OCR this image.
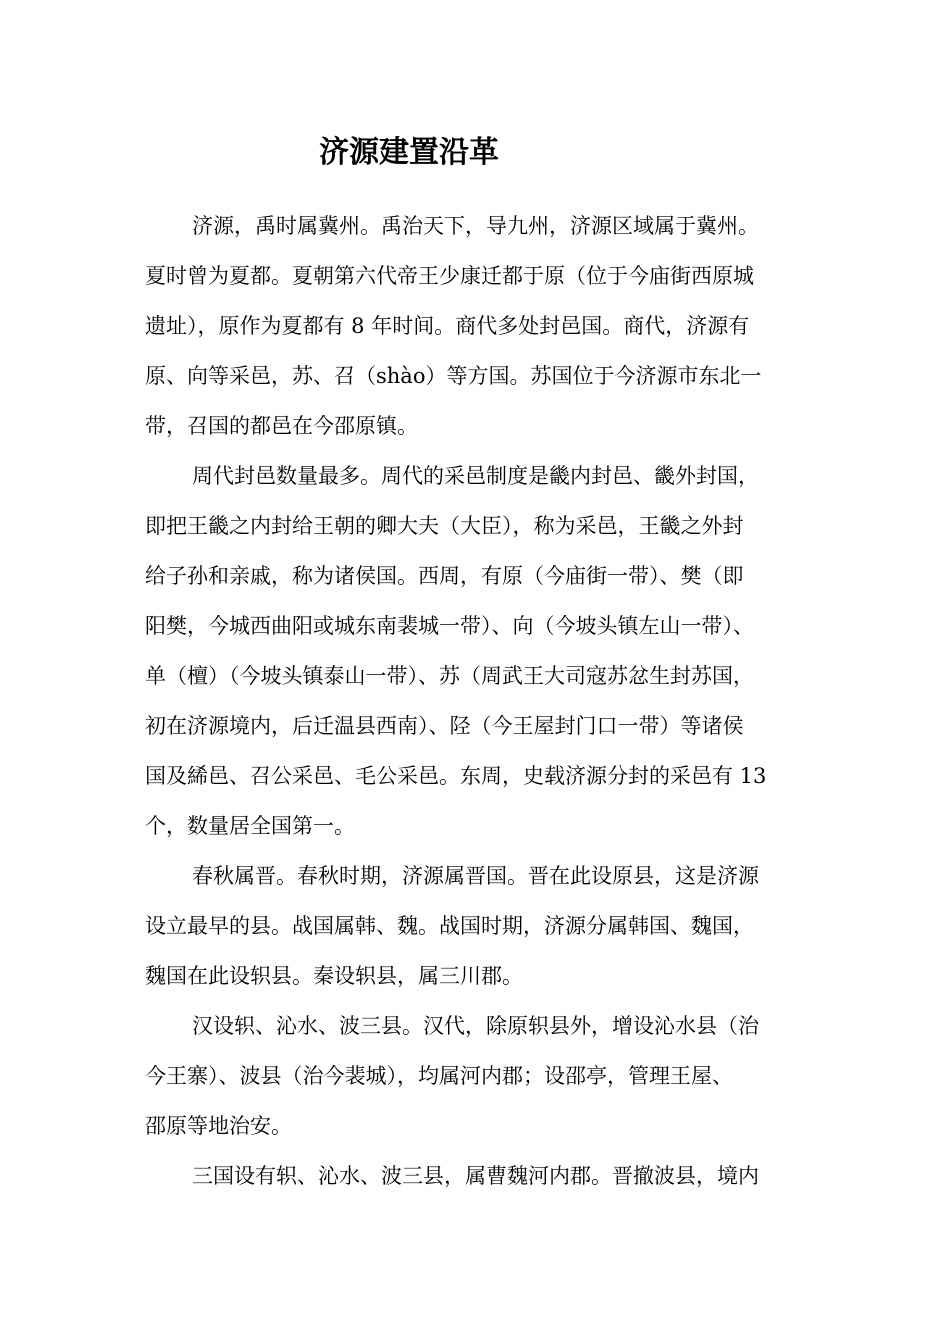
济源建置沿革
济源，禹时属冀州。禹治天下，导九州，济源区域属于冀州。
夏时曾为夏都。夏朝第六代帝王少康迁都于原（位于今庙街西原城
遗址），原作为夏都有 8 年时间。商代多处封邑国。商代，济源有
原、向等采邑，苏、召（shào）等方国。苏国位于今济源市东北一
带，召国的都邑在今邵原镇。
周代封邑数量最多。周代的采邑制度是畿内封邑、畿外封国，
即把王畿之内封给王朝的卿大夫（大臣），称为采邑，王畿之外封
给子孙和亲戚，称为诸侯国。西周，有原（今庙街一带）、樊（即
阳樊，今城西曲阳或城东南裴城一带）、向（今坡头镇左山一带）、
单（檀）（今坡头镇泰山一带）、苏（周武王大司寇苏忿生封苏国，
初在济源境内，后迁温县西南）、陉（今王屋封门口一带）等诸侯
国及絺邑、召公采邑、毛公采邑。东周，史载济源分封的采邑有 13
个，数量居全国第一。
春秋属晋。春秋时期，济源属晋国。晋在此设原县，这是济源
设立最早的县。战国属韩、魏。战国时期，济源分属韩国、魏国，
魏国在此设轵县。秦设轵县，属三川郡。
汉设轵、沁水、波三县。汉代，除原轵县外，增设沁水县（治
今王寨）、波县（治今裴城），均属河内郡；设邵亭，管理王屋、
邵原等地治安。
三国设有轵、沁水、波三县，属曹魏河内郡。晋撤波县，境内
